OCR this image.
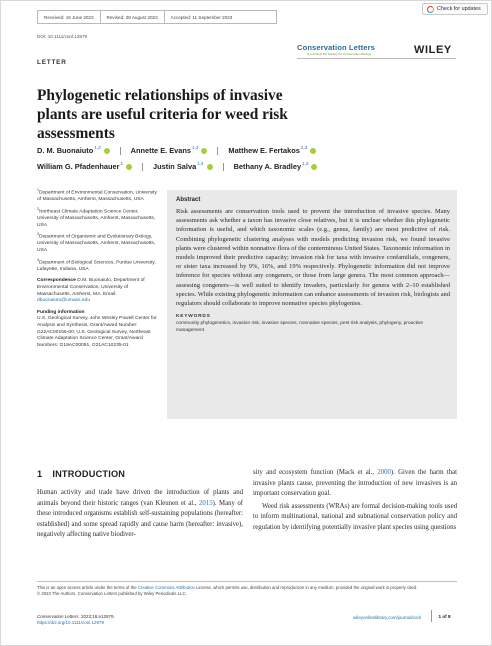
Received: 16 June 2023	Revised: 28 August 2023	Accepted: 11 September 2023
Check for updates
DOI: 10.1111/conl.12979
Conservation Letters
A journal of the Society for Conservation Biology	WILEY
LETTER
Phylogenetic relationships of invasive plants are useful criteria for weed risk assessments
D. M. Buonaiuto$^{1,2}$	Annette E. Evans$^{1,2}$	Matthew E. Fertakos$^{2,3}$

William G. Pfadenhauer$^1$	Justin Salva$^{1,4}$	Bethany A. Bradley$^{1,2}$
$^1$Department of Environmental Conservation, University of Massachusetts, Amherst, Massachusetts, USA
$^2$Northeast Climate Adaptation Science Center, University of Massachusetts, Amherst, Massachusetts, USA
$^3$Department of Organismic and Evolutionary Biology, University of Massachusetts, Amherst, Massachusetts, USA
$^4$Department of Biological Sciences, Purdue University, Lafayette, Indiana, USA
Correspondence D.M. Buonaiuto, Department of Environmental Conservation, University of Massachusetts, Amherst, MA. Email: dbuonaiuto@umass.edu
Funding information
U.S. Geological Survey, John Wesley Powell Center for Analysis and Synthesis, Grant/Award Number: G22AC00156-00; U.S. Geological Survey, Northeast Climate Adaptation Science Center, Grant/Award Numbers: G19AC00091, G21AC10235-01
Abstract

Risk assessments are conservation tools used to prevent the introduction of invasive species. Many assessments ask whether a taxon has invasive close relatives, but it is unclear whether this phylogenetic information is useful, and which taxonomic scales (e.g., genus, family) are most predictive of risk. Combining phylogenetic clustering analyses with models predicting invasion risk, we found invasive plants were clustered within nonnative flora of the conterminous United States. Taxonomic information in models improved their predictive capacity; invasion risk for taxa with invasive confamilials, congeners, or sister taxa increased by 9%, 16%, and 19% respectively. Phylogenetic information did not improve inference for species without any congeners, or those from large genera. The most common approach—assessing congeners—is well suited to identify invaders, particularly for genera with 2–10 established species. While existing phylogenetic information can enhance assessments of invasion risk, biologists and regulators should collaborate to improve nonnative species phylogenies.

KEYWORDS
community phylogenetics, invasion risk, invasive species, nonnative species, pest risk analysis, phylogeny, proactive management
1 INTRODUCTION
Human activity and trade have driven the introduction of plants and animals beyond their historic ranges (van Kleunen et al., 2015). Many of these introduced organisms establish self-sustaining populations (hereafter: established) and some spread rapidly and cause harm (hereafter: invasive), negatively affecting native biodiver-
sity and ecosystem function (Mack et al., 2000). Given the harm that invasive plants cause, preventing the introduction of new invasives is an important conservation goal.
Weed risk assessments (WRAs) are formal decision-making tools used to inform multinational, national and subnational conservation policy and regulation by identifying potentially invasive plant species using questions
This is an open access article under the terms of the Creative Commons Attribution License, which permits use, distribution and reproduction in any medium, provided the original work is properly cited.
© 2023 The Authors. Conservation Letters published by Wiley Periodicals LLC.
Conservation Letters. 2023;16:e12979.
https://doi.org/10.1111/conl.12979
wileyonlinelibrary.com/journal/conl	1 of 8
